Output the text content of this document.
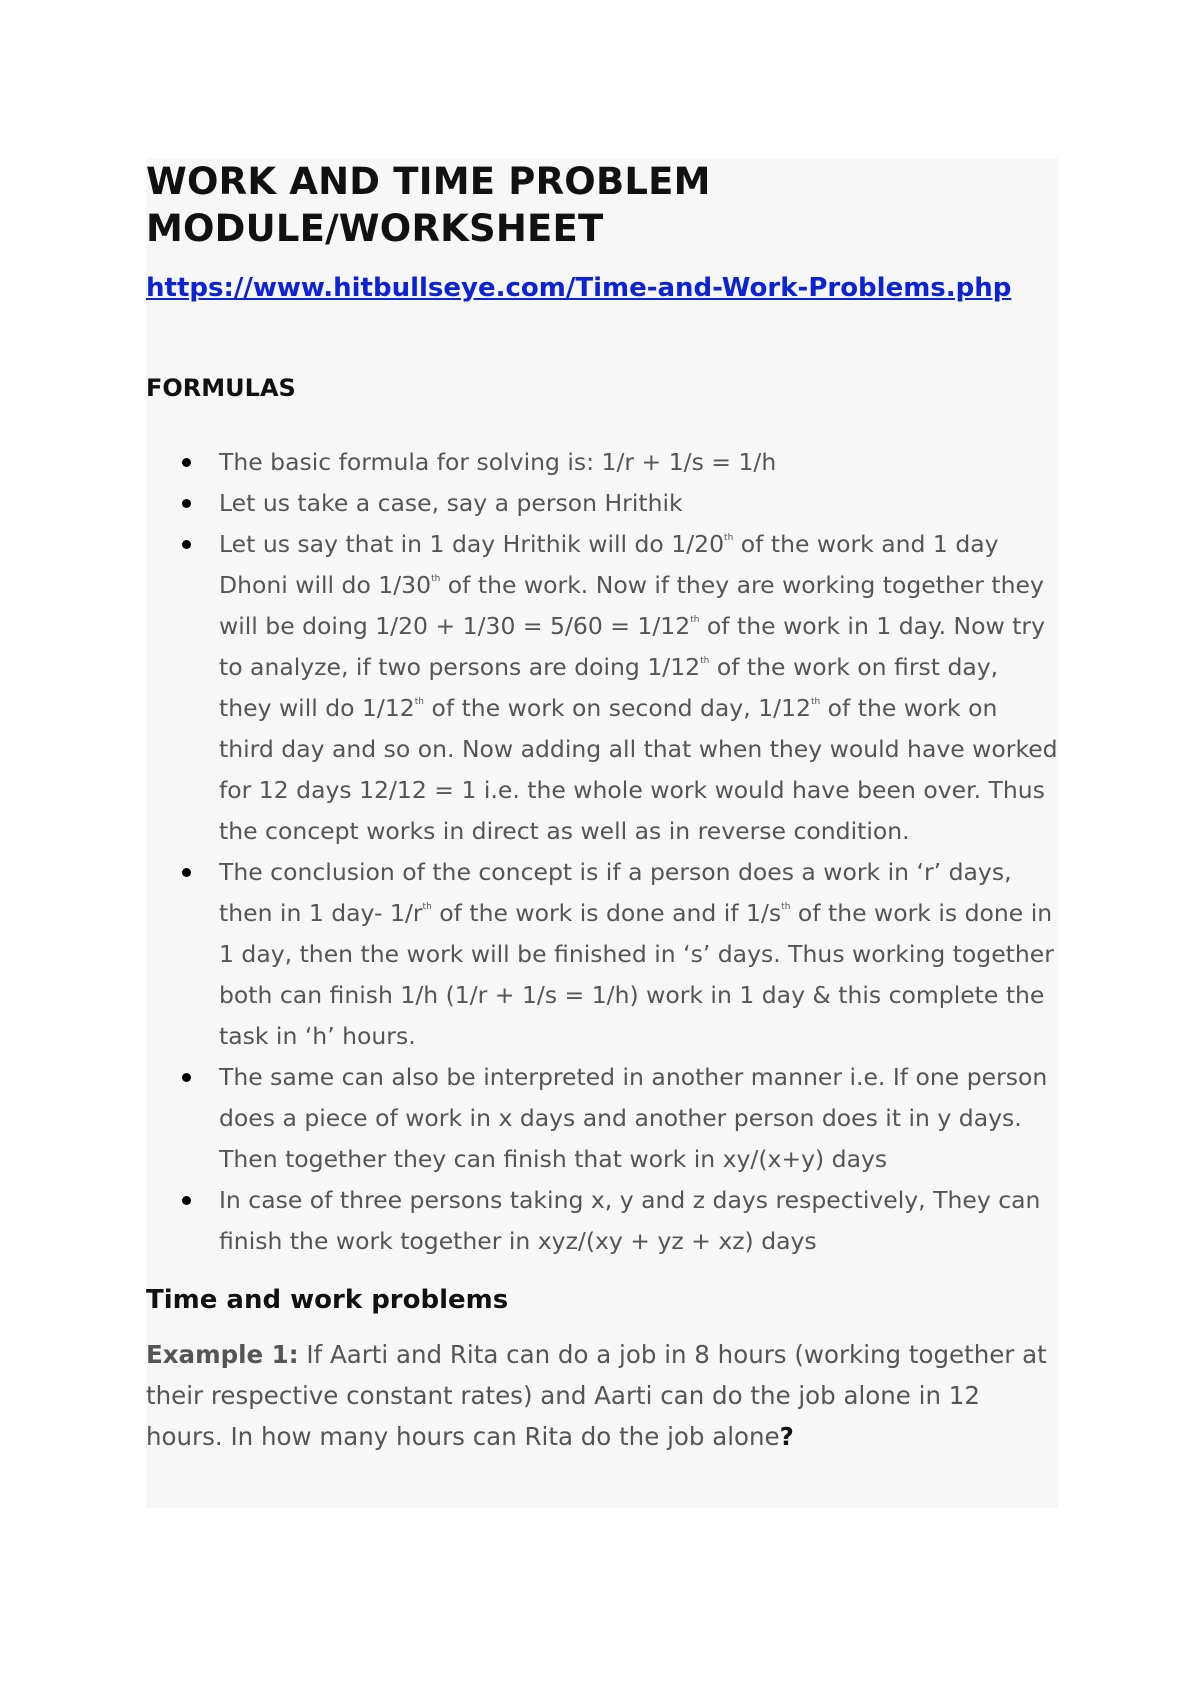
WORK AND TIME PROBLEM
MODULE/WORKSHEET
https://www.hitbullseye.com/Time-and-Work-Problems.php
FORMULAS
The basic formula for solving is: 1/r + 1/s = 1/h
Let us take a case, say a person Hrithik
Let us say that in 1 day Hrithik will do 1/20th of the work and 1 day Dhoni will do 1/30th of the work. Now if they are working together they will be doing 1/20 + 1/30 = 5/60 = 1/12th of the work in 1 day. Now try to analyze, if two persons are doing 1/12th of the work on first day, they will do 1/12th of the work on second day, 1/12th of the work on third day and so on. Now adding all that when they would have worked for 12 days 12/12 = 1 i.e. the whole work would have been over. Thus the concept works in direct as well as in reverse condition.
The conclusion of the concept is if a person does a work in ‘r’ days, then in 1 day- $1/r^{th}$ of the work is done and if $1/s^{th}$ of the work is done in 1 day, then the work will be finished in ‘s’ days. Thus working together both can finish 1/h (1/r + 1/s = 1/h) work in 1 day & this complete the task in ‘h’ hours.
The same can also be interpreted in another manner i.e. If one person does a piece of work in x days and another person does it in y days. Then together they can finish that work in xy/(x+y) days
In case of three persons taking x, y and z days respectively, They can finish the work together in xyz/(xy + yz + xz) days
Time and work problems

Example 1: If Aarti and Rita can do a job in 8 hours (working together at their respective constant rates) and Aarti can do the job alone in 12 hours. In how many hours can Rita do the job alone?
